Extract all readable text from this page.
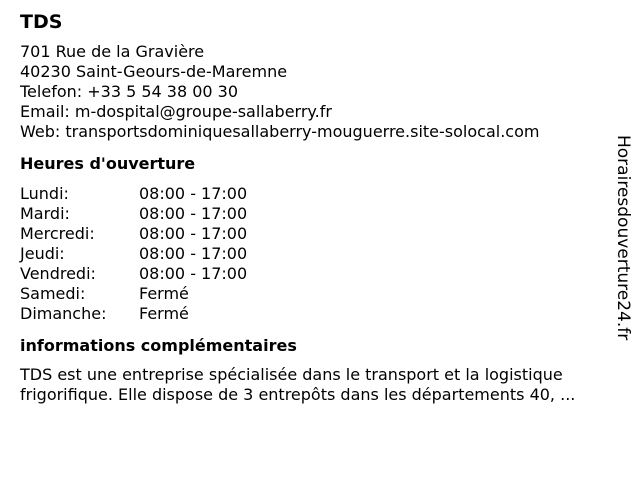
TDS
701 Rue de la Gravière
40230 Saint-Geours-de-Maremne
Telefon: +33 5 54 38 00 30
Email: m-dospital@groupe-sallaberry.fr
Web: transportsdominiquesallaberry-mouguerre.site-solocal.com
Heures d'ouverture
Lundi:	08:00 - 17:00
Mardi:	08:00 - 17:00
Mercredi:	08:00 - 17:00
Jeudi:	08:00 - 17:00
Vendredi:	08:00 - 17:00
Samedi:	Fermé
Dimanche:	Fermé
informations complémentaires
TDS est une entreprise spécialisée dans le transport et la logistique
frigorifique. Elle dispose de 3 entrepôts dans les départements 40, ...
Horairesdouverture24.fr
